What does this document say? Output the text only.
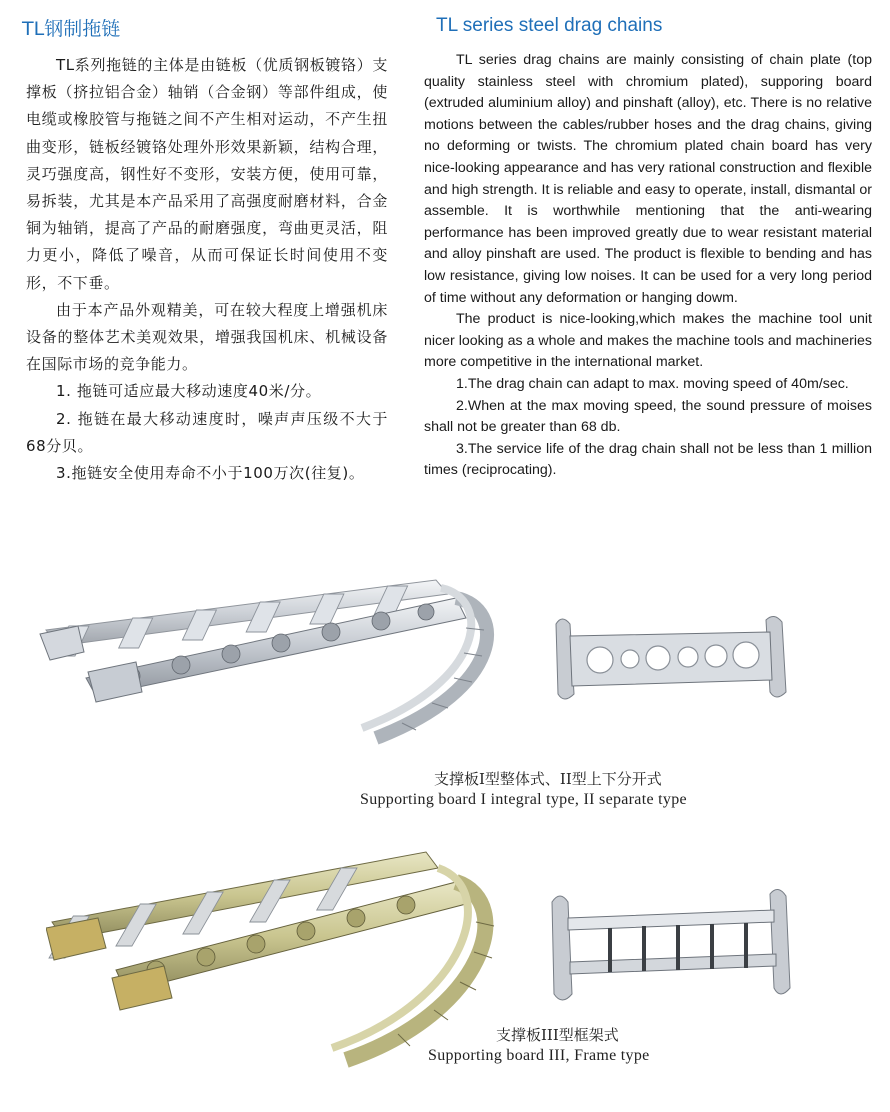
TL钢制拖链

TL系列拖链的主体是由链板（优质钢板镀铬）支撑板（挤拉铝合金）轴销（合金钢）等部件组成，使电缆或橡胶管与拖链之间不产生相对运动，不产生扭曲变形，链板经镀铬处理外形效果新颖，结构合理，灵巧强度高，钢性好不变形，安装方便，使用可靠，易拆装，尤其是本产品采用了高强度耐磨材料，合金铜为轴销，提高了产品的耐磨强度，弯曲更灵活，阻力更小，降低了噪音，从而可保证长时间使用不变形，不下垂。

由于本产品外观精美，可在较大程度上增强机床设备的整体艺术美观效果，增强我国机床、机械设备在国际市场的竞争能力。

1. 拖链可适应最大移动速度40米/分。

2. 拖链在最大移动速度时，噪声声压级不大于68分贝。

3.拖链安全使用寿命不小于100万次(往复)。

TL series steel drag chains

TL series drag chains are mainly consisting of chain plate (top quality stainless steel with chromium plated), supporing board (extruded aluminium alloy) and pinshaft (alloy), etc. There is no relative motions between the cables/rubber hoses and the drag chains, giving no deforming or twists. The chromium plated chain board has very nice-looking appearance and has very rational construction and flexible and high strength. It is reliable and easy to operate, install, dismantal or assemble. It is worthwhile mentioning that the anti-wearing performance has been improved greatly due to wear resistant material and alloy pinshaft are used. The product is flexible to bending and has low resistance, giving low noises. It can be used for a very long period of time without any deformation or hanging dowm.

The product is nice-looking,which makes the machine tool unit nicer looking as a whole and makes the machine tools and machineries more competitive in the international market.

1.The drag chain can adapt to max. moving speed of 40m/sec.

2.When at the max moving speed, the sound pressure of moises shall not be greater than 68 db.

3.The service life of the drag chain shall not be less than 1 million times (reciprocating).

支撑板I型整体式、II型上下分开式
Supporting board I integral type, II separate type
支撑板III型框架式
Supporting board III, Frame type
